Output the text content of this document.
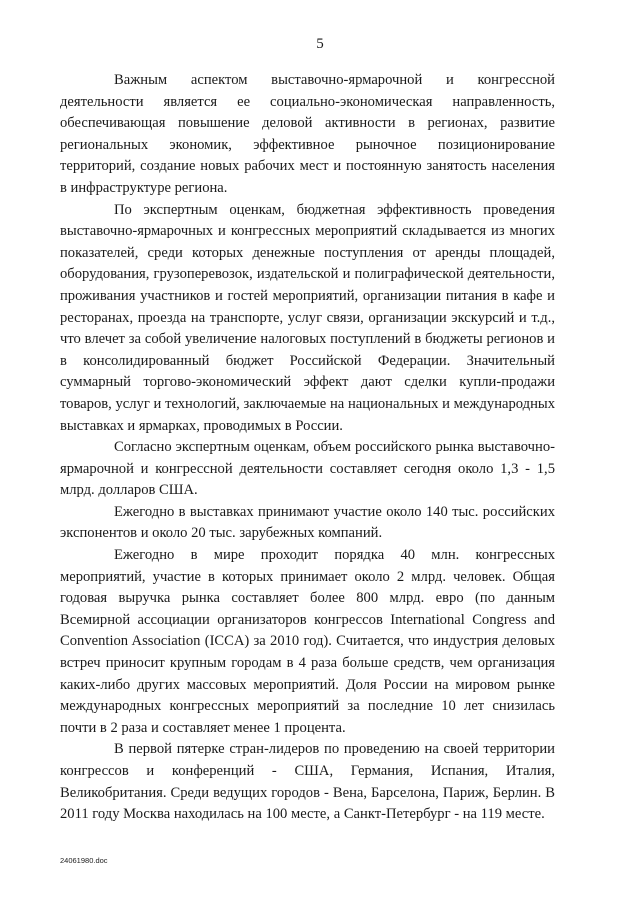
5

Важным аспектом выставочно-ярмарочной и конгрессной деятельности является ее социально-экономическая направленность, обеспечивающая повышение деловой активности в регионах, развитие региональных экономик, эффективное рыночное позиционирование территорий, создание новых рабочих мест и постоянную занятость населения в инфраструктуре региона.

По экспертным оценкам, бюджетная эффективность проведения выставочно-ярмарочных и конгрессных мероприятий складывается из многих показателей, среди которых денежные поступления от аренды площадей, оборудования, грузоперевозок, издательской и полиграфической деятельности, проживания участников и гостей мероприятий, организации питания в кафе и ресторанах, проезда на транспорте, услуг связи, организации экскурсий и т.д., что влечет за собой увеличение налоговых поступлений в бюджеты регионов и в консолидированный бюджет Российской Федерации. Значительный суммарный торгово-экономический эффект дают сделки купли-продажи товаров, услуг и технологий, заключаемые на национальных и международных выставках и ярмарках, проводимых в России.

Согласно экспертным оценкам, объем российского рынка выставочно-ярмарочной и конгрессной деятельности составляет сегодня около 1,3 - 1,5 млрд. долларов США.

Ежегодно в выставках принимают участие около 140 тыс. российских экспонентов и около 20 тыс. зарубежных компаний.

Ежегодно в мире проходит порядка 40 млн. конгрессных мероприятий, участие в которых принимает около 2 млрд. человек. Общая годовая выручка рынка составляет более 800 млрд. евро (по данным Всемирной ассоциации организаторов конгрессов International Congress and Convention Association (ICCA) за 2010 год). Считается, что индустрия деловых встреч приносит крупным городам в 4 раза больше средств, чем организация каких-либо других массовых мероприятий. Доля России на мировом рынке международных конгрессных мероприятий за последние 10 лет снизилась почти в 2 раза и составляет менее 1 процента.

В первой пятерке стран-лидеров по проведению на своей территории конгрессов и конференций - США, Германия, Испания, Италия, Великобритания. Среди ведущих городов - Вена, Барселона, Париж, Берлин. В 2011 году Москва находилась на 100 месте, а Санкт-Петербург - на 119 месте.

24061980.doc
